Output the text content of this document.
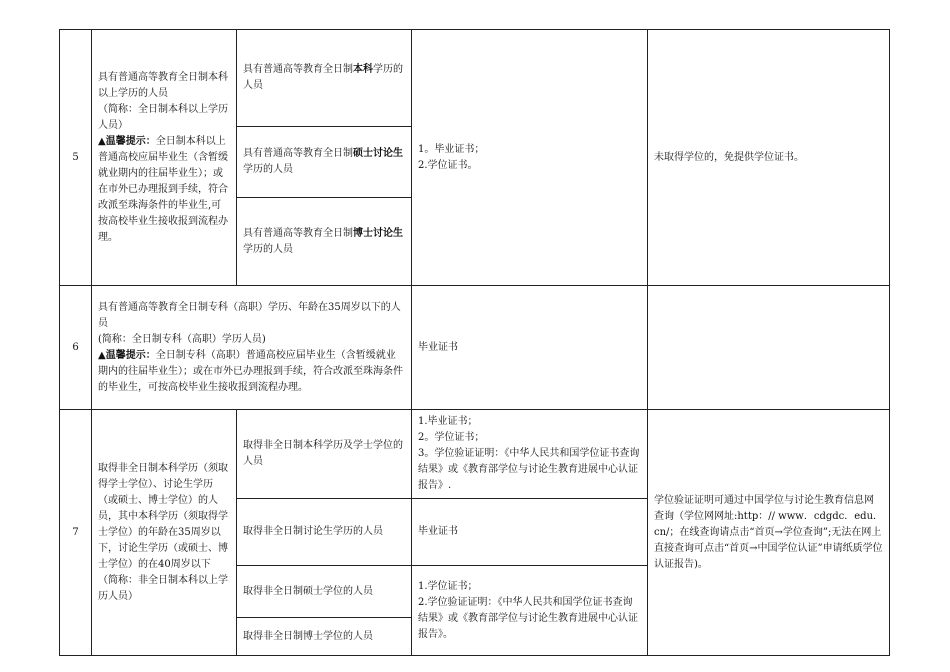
5	具有普通高等教育全日制本科以上学历的人员
（简称：全日制本科以上学历人员）
▲温馨提示：全日制本科以上普通高校应届毕业生（含暂缓就业期内的往届毕业生）；或在市外已办理报到手续，符合改派至珠海条件的毕业生,可按高校毕业生接收报到流程办理。	具有普通高等教育全日制本科学历的人员	1。毕业证书；
2.学位证书。	未取得学位的，免提供学位证书。
		具有普通高等教育全日制硕士讨论生学历的人员		
		具有普通高等教育全日制博士讨论生学历的人员		
6	具有普通高等教育全日制专科（高职）学历、年龄在35周岁以下的人员
(简称：全日制专科（高职）学历人员)
▲温馨提示：全日制专科（高职）普通高校应届毕业生（含暂缓就业期内的往届毕业生）；或在市外已办理报到手续，符合改派至珠海条件的毕业生，可按高校毕业生接收报到流程办理。		毕业证书	
7	取得非全日制本科学历（须取得学士学位）、讨论生学历（或硕士、博士学位）的人员，其中本科学历（须取得学士学位）的年龄在35周岁以下，讨论生学历（或硕士、博士学位）的在40周岁以下
（简称：非全日制本科以上学历人员）	取得非全日制本科学历及学士学位的人员	1.毕业证书；
2。学位证书；
3。学位验证证明：《中华人民共和国学位证书查询结果》或《教育部学位与讨论生教育进展中心认证报告》.	学位验证证明可通过中国学位与讨论生教育信息网查询（学位网网址:http：// www．cdgdc．edu．cn/；在线查询请点击“首页→学位查询”;无法在网上直接查询可点击“首页→中国学位认证”申请纸质学位认证报告)。
		取得非全日制讨论生学历的人员	毕业证书	
		取得非全日制硕士学位的人员	1.学位证书；
2.学位验证证明：《中华人民共和国学位证书查询结果》或《教育部学位与讨论生教育进展中心认证报告》。	

		取得非全日制博士学位的人员		
